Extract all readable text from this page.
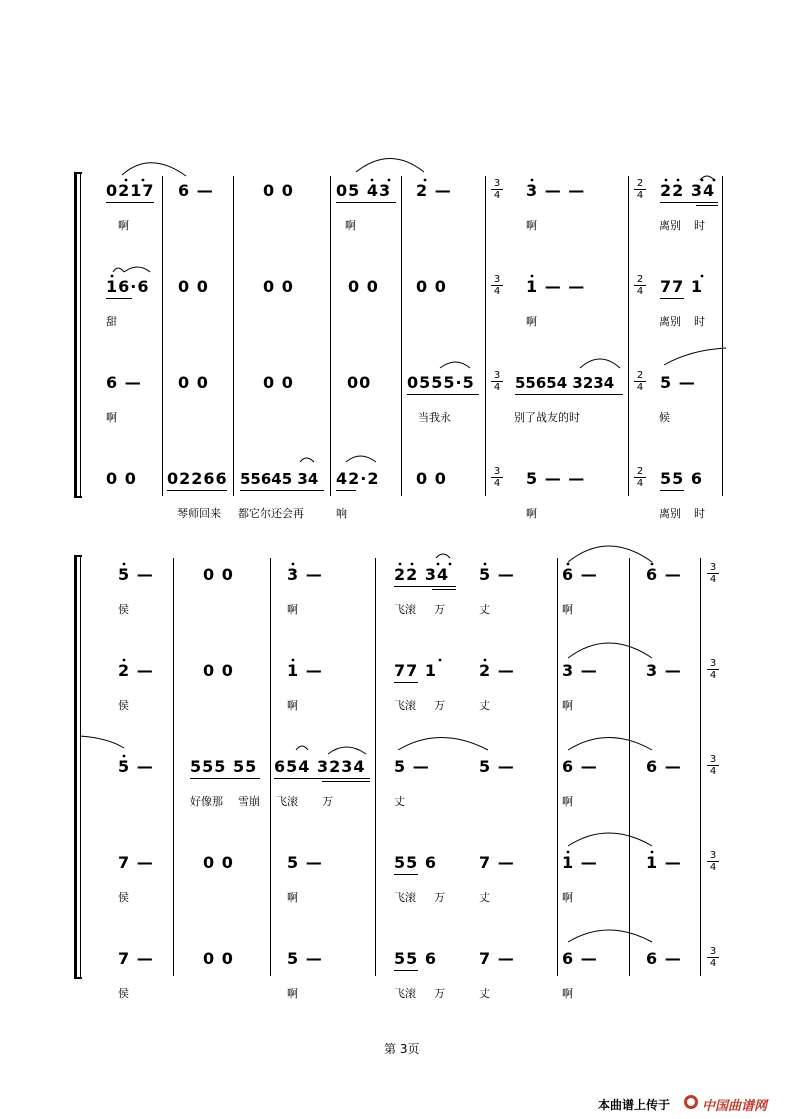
0217 6 —	0 0	05 43 2 —	3 — —	22 34
啊	啊	啊	离别 时
16·6 0 0	0 0	0 0 0 0	1 — —	77 1
甜	啊	离别 时
6 — 0 0	0 0	00 0555·5	55654 3234	5 —
啊	当我永	别了战友的时	候
0 0 02266 55645 34 42·2 0 0	5 — —	55 6
琴师回来 都它尔还会再	响	啊	离别 时
3
4
3
4
3
4
3
4
2
4
2
4
2
4
2
4
5 —	0 0	3 —	22 34 5 —	6 —	6 —
侯	啊	飞滚 万	丈	啊
2 —	0 0	1 —	77 1	2 —	3 —	3 —
侯	啊	飞滚 万	丈	啊
5 — 555 55 654 3234 5 —	5 —	6 —	6 —
好像那 雪崩 飞滚 万	丈	啊
7 —	0 0	5 —	55 6	7 —	1 —	1 —
侯	啊	飞滚 万	丈	啊
7 —	0 0	5 —	55 6	7 —	6 —	6 —
侯	啊	飞滚 万	丈	啊
3
4
3
4
3
4
3
4
3
4
第 3页
本曲谱上传于 中国曲谱网
